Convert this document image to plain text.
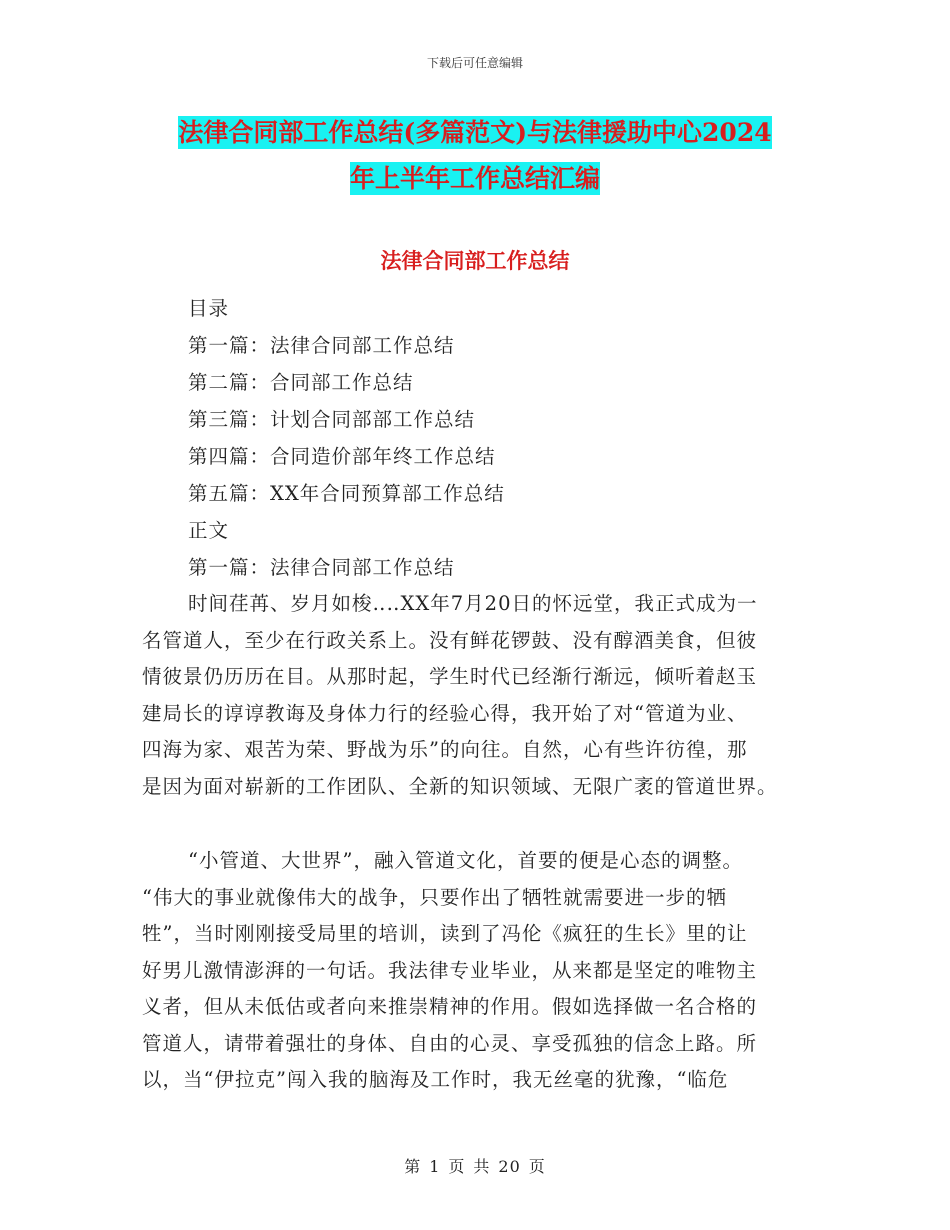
下载后可任意编辑
法律合同部工作总结(多篇范文)与法律援助中心2024
年上半年工作总结汇编
法律合同部工作总结
目录
第一篇：法律合同部工作总结
第二篇：合同部工作总结
第三篇：计划合同部部工作总结
第四篇：合同造价部年终工作总结
第五篇：XX年合同预算部工作总结
正文
第一篇：法律合同部工作总结
时间荏苒、岁月如梭‥‥XX年7月20日的怀远堂，我正式成为一
名管道人，至少在行政关系上。没有鲜花锣鼓、没有醇酒美食，但彼
情彼景仍历历在目。从那时起，学生时代已经渐行渐远，倾听着赵玉
建局长的谆谆教诲及身体力行的经验心得，我开始了对“管道为业、
四海为家、艰苦为荣、野战为乐”的向往。自然，心有些许彷徨，那
是因为面对崭新的工作团队、全新的知识领域、无限广袤的管道世界。
“小管道、大世界”，融入管道文化，首要的便是心态的调整。
“伟大的事业就像伟大的战争，只要作出了牺牲就需要进一步的牺
牲”，当时刚刚接受局里的培训，读到了冯伦《疯狂的生长》里的让
好男儿激情澎湃的一句话。我法律专业毕业，从来都是坚定的唯物主
义者，但从未低估或者向来推崇精神的作用。假如选择做一名合格的
管道人，请带着强壮的身体、自由的心灵、享受孤独的信念上路。所
以，当“伊拉克”闯入我的脑海及工作时，我无丝毫的犹豫，“临危
第 1 页 共 20 页
